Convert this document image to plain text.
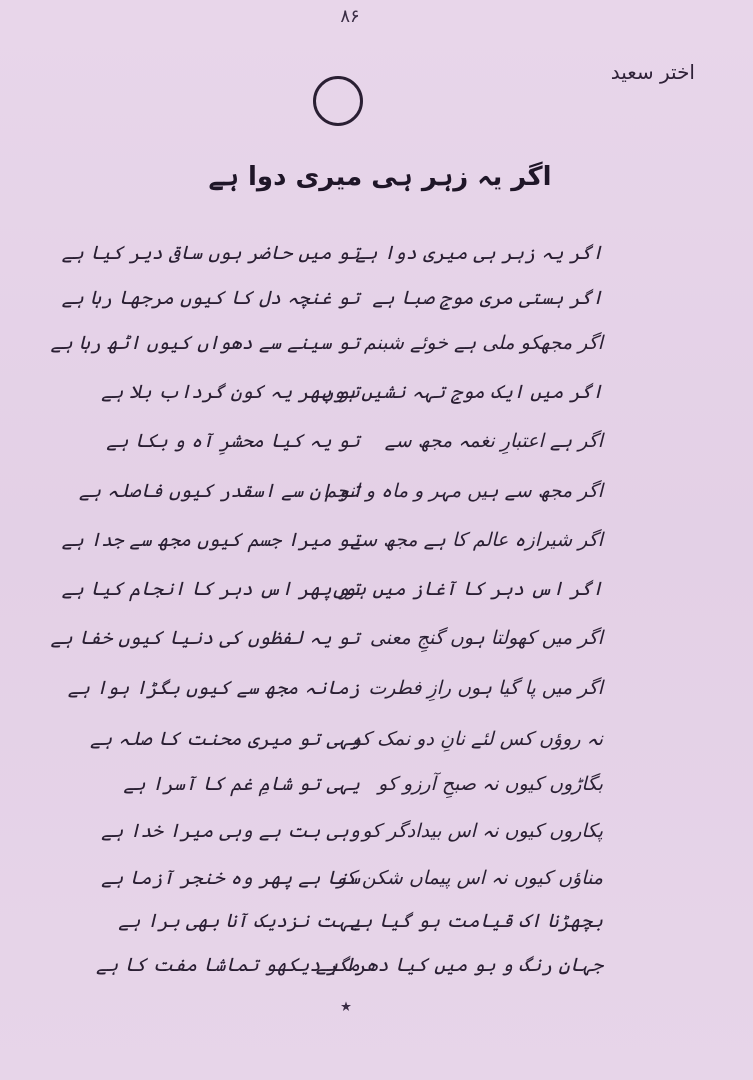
۸۶
اختر سعید
اگر یہ زہر ہی میری دوا ہے
اگر یہ زہر ہی میری دوا ہے
تو میں حاضر ہوں ساقی دیر کیا ہے
اگر ہستی مری موجِ صبا ہے
تو غنچہ دل کا کیوں مرجھا رہا ہے
اگر مجھکو ملی ہے خوئے شبنم
تو سینے سے دھواں کیوں اٹھ رہا ہے
اگر میں ایک موجِ تہہ نشیں ہوں
تو پھر یہ کون گرداب بلا ہے
اگر ہے اعتبارِ نغمہ مجھ سے
تو یہ کیا محشرِ آہ و بکا ہے
اگر مجھ سے ہیں مہر و ماہ و انجم
تو ان سے اسقدر کیوں فاصلہ ہے
اگر شیرازہ عالم کا ہے مجھ سے
تو میرا جسم کیوں مجھ سے جدا ہے
اگر اس دہر کا آغاز میں ہوں
تو پھر اس دہر کا انجام کیا ہے
اگر میں کھولتا ہوں گنجِ معنی
تو یہ لفظوں کی دنیا کیوں خفا ہے
اگر میں پا گیا ہوں رازِ فطرت
زمانہ مجھ سے کیوں بگڑا ہوا ہے
نہ روؤں کس لئے نانِ دو نمک کو
یہی تو میری محنت کا صلہ ہے
بگاڑوں کیوں نہ صبحِ آرزو کو
یہی تو شامِ غم کا آسرا ہے
پکاروں کیوں نہ اس بیدادگر کو
وہی بت ہے وہی میرا خدا ہے
مناؤں کیوں نہ اس پیماں شکن کو
سنا ہے پھر وہ خنجر آزما ہے
بچھڑنا اک قیامت ہو گیا ہے
بہت نزدیک آنا بھی برا ہے
جہانِ رنگ و بو میں کیا دھرا ہے
مگر دیکھو تماشا مفت کا ہے
٭
